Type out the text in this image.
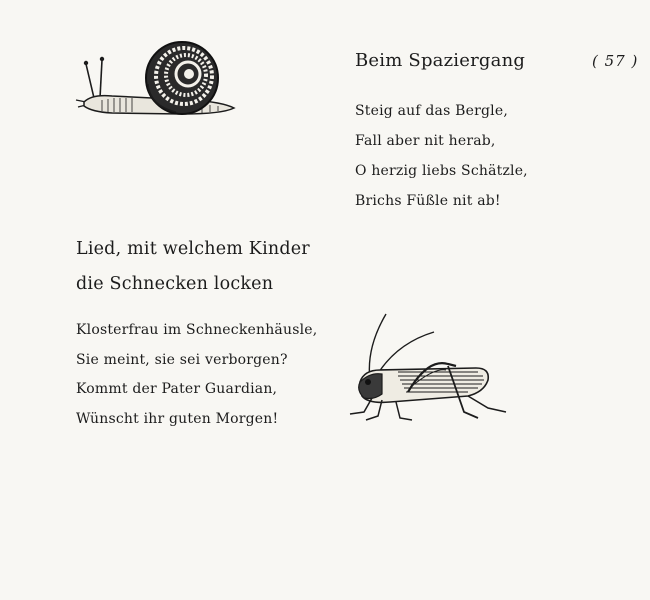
Beim Spaziergang	( 57 )
Steig auf das Bergle,
Fall aber nit herab,
O herzig liebs Schätzle,
Brichs Füßle nit ab!
Lied, mit welchem Kinder
die Schnecken locken
Klosterfrau im Schneckenhäusle,
Sie meint, sie sei verborgen?
Kommt der Pater Guardian,
Wünscht ihr guten Morgen!
